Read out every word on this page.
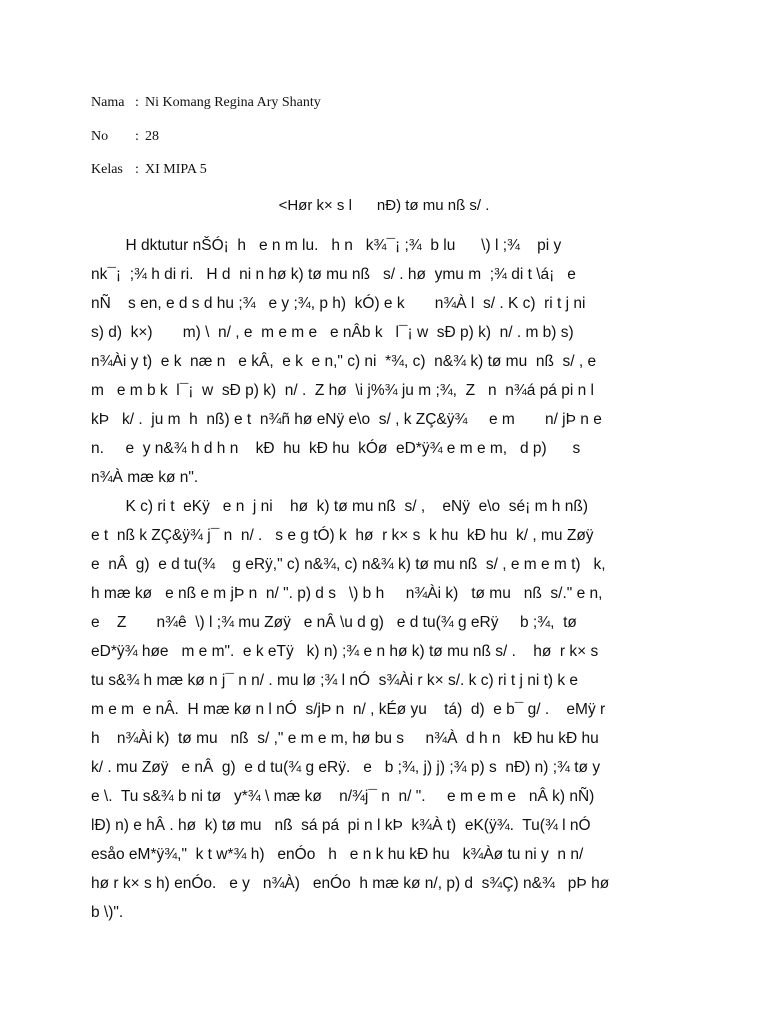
Nama : Ni Komang Regina Ary Shanty
No : 28
Kelas : XI MIPA 5
<Hør k× s l      nÐ) tø mu nß s/ .
H dktutur nŠÓ¡  h   e n m lu.   h n   k¾¯¡ ;¾  b lu      \) l ;¾    pi y
nk¯¡  ;¾ h di ri.   H d  ni n hø k) tø mu nß   s/ . hø  ymu m  ;¾ di t \á¡   e
nÑ    s en, e d s d hu ;¾   e y ;¾, p h)  kÓ) e k       n¾À l  s/ . K c)  ri t j ni
s) d)  k×)       m) \  n/ , e  m e m e   e nÂb k   l¯¡ w  sÐ p) k)  n/ . m b) s)
n¾Ài y t)  e k  næ n   e kÂ,  e k  e n," c) ni  *¾, c)  n&¾ k) tø mu  nß  s/ , e
m   e m b k  l¯¡  w  sÐ p) k)  n/ .  Z hø  \i j%¾ ju m ;¾,  Z   n  n¾á pá pi n l
kÞ   k/ .  ju m  h  nß) e t  n¾ñ hø eNÿ e\o  s/ , k ZÇ&ÿ¾     e m       n/ jÞ n e
n.     e  y n&¾ h d h n    kÐ  hu  kÐ hu  kÓø  eD*ÿ¾ e m e m,   d p)      s
n¾À mæ kø n".
K c) ri t  eKÿ   e n  j ni    hø  k) tø mu nß  s/ ,    eNÿ  e\o  sé¡ m h nß)
e t  nß k ZÇ&ÿ¾ j¯ n  n/ .   s e g tÓ) k  hø  r k× s  k hu  kÐ hu  k/ , mu Zøÿ
e  nÂ  g)  e d tu(¾    g eRÿ," c) n&¾, c) n&¾ k) tø mu nß  s/ , e m e m t)   k,
h mæ kø   e nß e m jÞ n  n/ ". p) d s   \) b h     n¾Ài k)   tø mu   nß  s/." e n,
e    Z       n¾ê  \) l ;¾ mu Zøÿ   e nÂ \u d g)   e d tu(¾ g eRÿ     b ;¾,  tø
eD*ÿ¾ høe   m e m".  e k eTÿ   k) n) ;¾ e n hø k) tø mu nß s/ .    hø  r k× s
tu s&¾ h mæ kø n j¯ n n/ . mu lø ;¾ l nÓ  s¾Ài r k× s/. k c) ri t j ni t) k e
m e m  e nÂ.  H mæ kø n l nÓ  s/jÞ n  n/ , kÉø yu    tá)  d)  e b¯ g/ .    eMÿ r
h    n¾Ài k)  tø mu   nß  s/ ," e m e m, hø bu s     n¾À  d h n   kÐ hu kÐ hu
k/ . mu Zøÿ   e nÂ  g)  e d tu(¾ g eRÿ.   e   b ;¾, j) j) ;¾ p) s  nÐ) n) ;¾ tø y
e \.  Tu s&¾ b ni tø   y*¾ \ mæ kø    n/¾j¯ n  n/ ".     e m e m e   nÂ k) nÑ)
lÐ) n) e hÂ . hø  k) tø mu   nß  sá pá  pi n l kÞ  k¾À t)  eK(ÿ¾.  Tu(¾ l nÓ
esåo eM*ÿ¾,"  k t w*¾ h)   enÓo   h   e n k hu kÐ hu   k¾Àø tu ni y  n n/
hø r k× s h) enÓo.   e y   n¾À)   enÓo  h mæ kø n/, p) d  s¾Ç) n&¾   pÞ hø
b \)".
